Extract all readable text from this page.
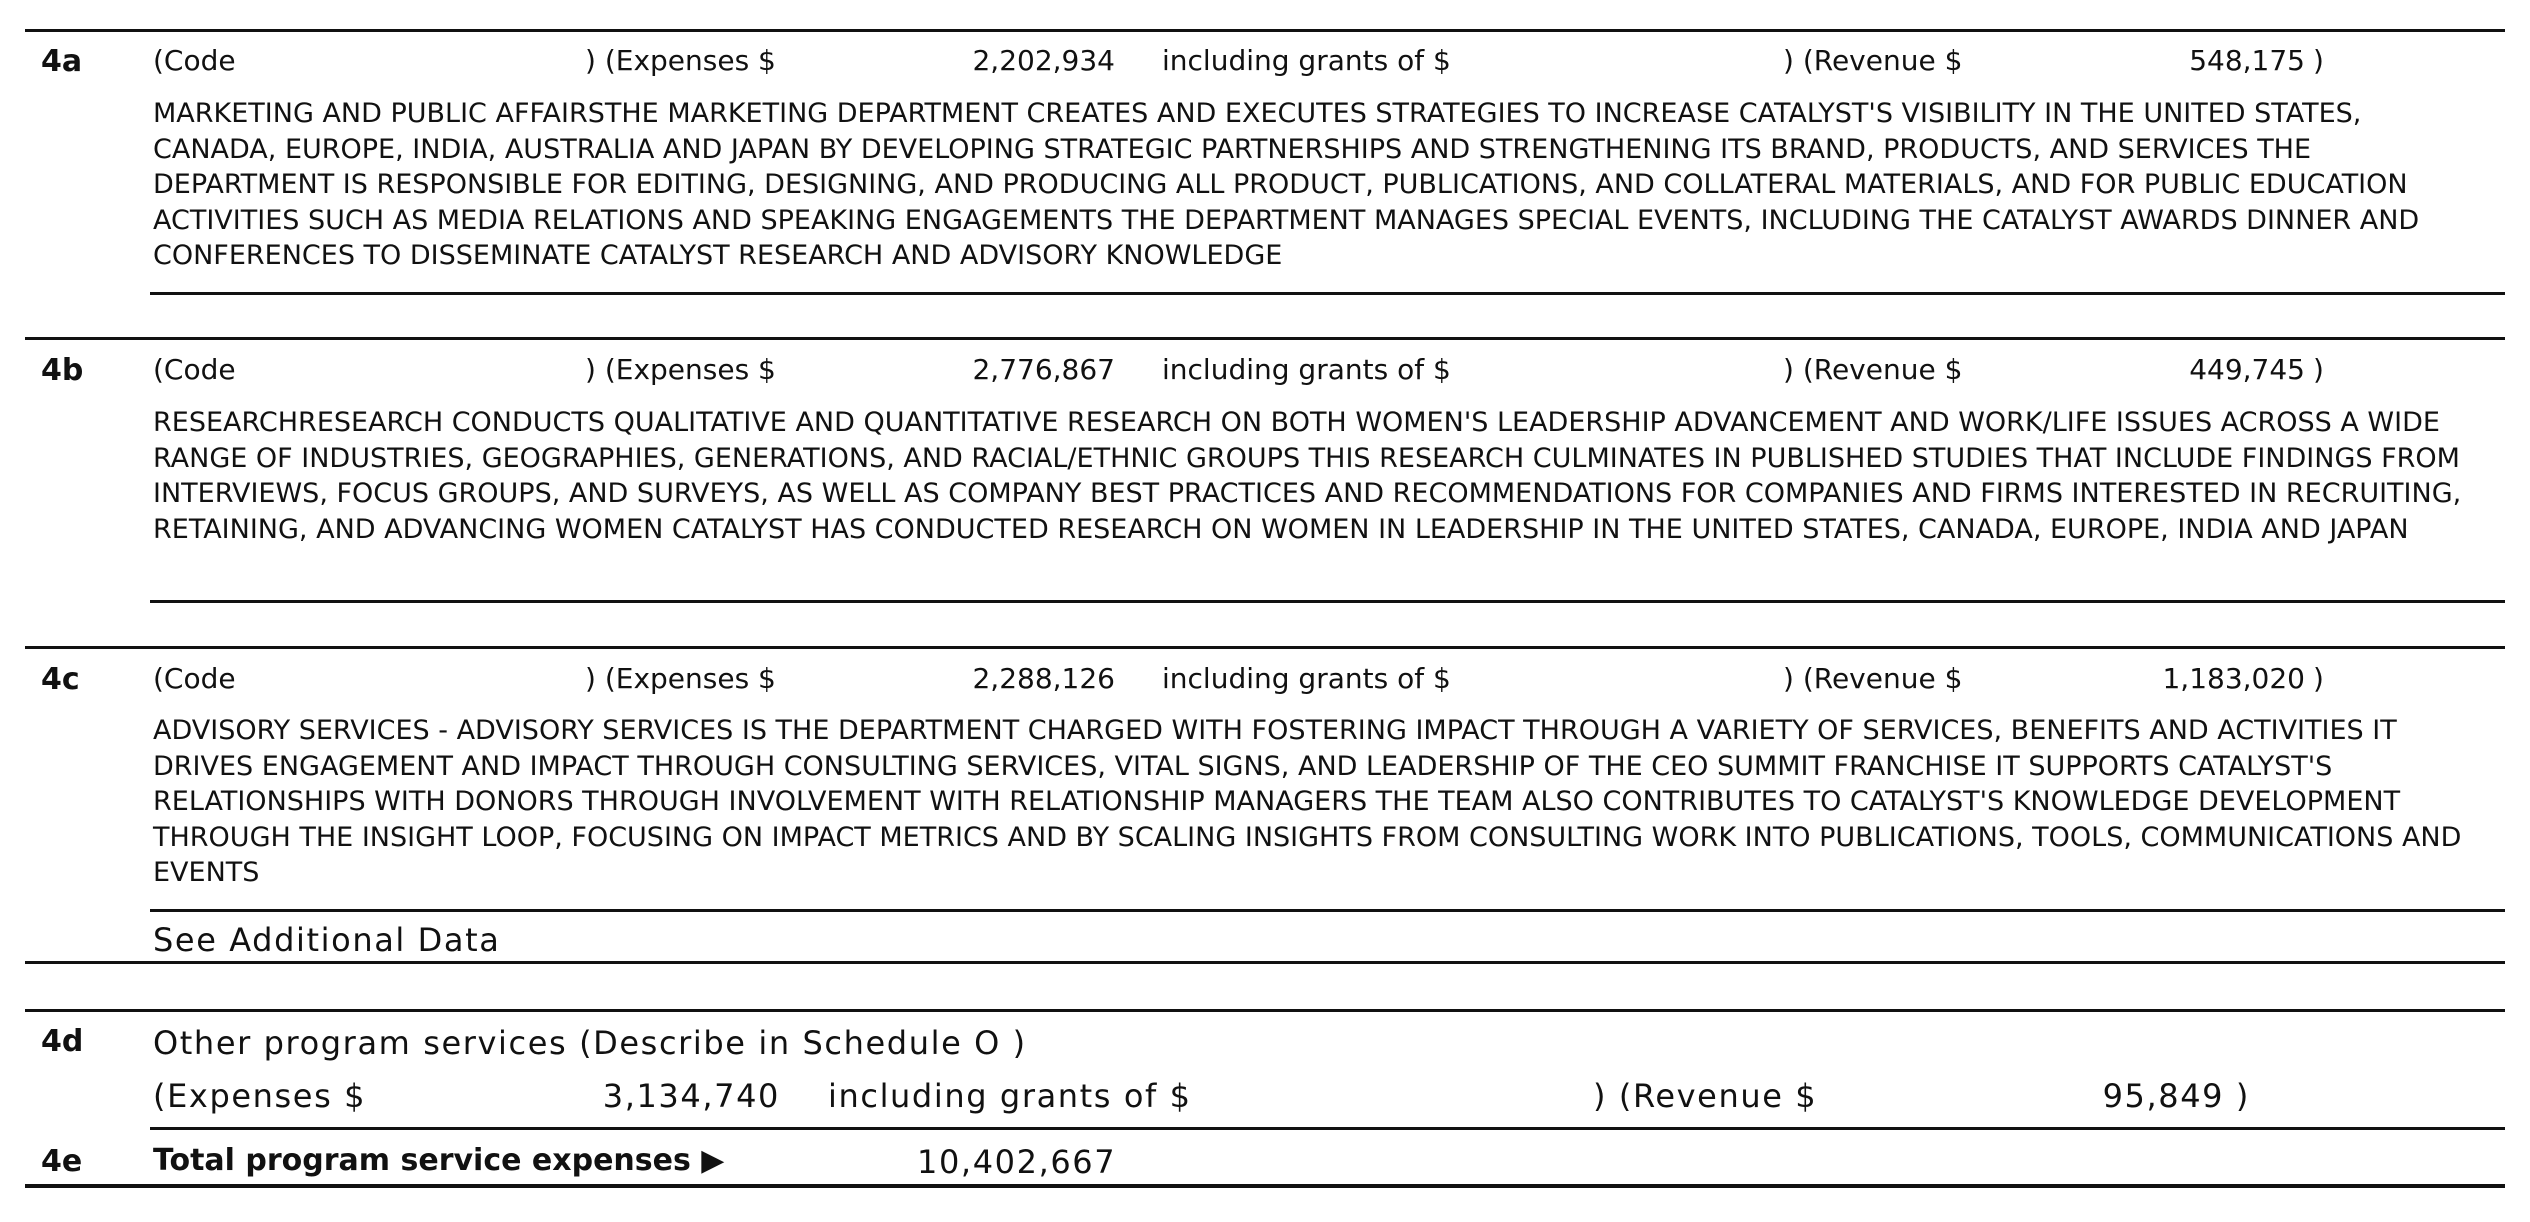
4a	(Code	) (Expenses $	2,202,934 including grants of $	) (Revenue $	548,175 )
MARKETING AND PUBLIC AFFAIRSTHE MARKETING DEPARTMENT CREATES AND EXECUTES STRATEGIES TO INCREASE CATALYST'S VISIBILITY IN THE UNITED STATES, CANADA, EUROPE, INDIA, AUSTRALIA AND JAPAN BY DEVELOPING STRATEGIC PARTNERSHIPS AND STRENGTHENING ITS BRAND, PRODUCTS, AND SERVICES THE DEPARTMENT IS RESPONSIBLE FOR EDITING, DESIGNING, AND PRODUCING ALL PRODUCT, PUBLICATIONS, AND COLLATERAL MATERIALS, AND FOR PUBLIC EDUCATION ACTIVITIES SUCH AS MEDIA RELATIONS AND SPEAKING ENGAGEMENTS THE DEPARTMENT MANAGES SPECIAL EVENTS, INCLUDING THE CATALYST AWARDS DINNER AND CONFERENCES TO DISSEMINATE CATALYST RESEARCH AND ADVISORY KNOWLEDGE
4b (Code	) (Expenses $	2,776,867 including grants of $	) (Revenue $	449,745 )
RESEARCHRESEARCH CONDUCTS QUALITATIVE AND QUANTITATIVE RESEARCH ON BOTH WOMEN'S LEADERSHIP ADVANCEMENT AND WORK/LIFE ISSUES ACROSS A WIDE RANGE OF INDUSTRIES, GEOGRAPHIES, GENERATIONS, AND RACIAL/ETHNIC GROUPS THIS RESEARCH CULMINATES IN PUBLISHED STUDIES THAT INCLUDE FINDINGS FROM INTERVIEWS, FOCUS GROUPS, AND SURVEYS, AS WELL AS COMPANY BEST PRACTICES AND RECOMMENDATIONS FOR COMPANIES AND FIRMS INTERESTED IN RECRUITING, RETAINING, AND ADVANCING WOMEN CATALYST HAS CONDUCTED RESEARCH ON WOMEN IN LEADERSHIP IN THE UNITED STATES, CANADA, EUROPE, INDIA AND JAPAN
4c	(Code	) (Expenses $	2,288,126 including grants of $	) (Revenue $	1,183,020 )
ADVISORY SERVICES - ADVISORY SERVICES IS THE DEPARTMENT CHARGED WITH FOSTERING IMPACT THROUGH A VARIETY OF SERVICES, BENEFITS AND ACTIVITIES IT DRIVES ENGAGEMENT AND IMPACT THROUGH CONSULTING SERVICES, VITAL SIGNS, AND LEADERSHIP OF THE CEO SUMMIT FRANCHISE IT SUPPORTS CATALYST'S RELATIONSHIPS WITH DONORS THROUGH INVOLVEMENT WITH RELATIONSHIP MANAGERS THE TEAM ALSO CONTRIBUTES TO CATALYST'S KNOWLEDGE DEVELOPMENT THROUGH THE INSIGHT LOOP, FOCUSING ON IMPACT METRICS AND BY SCALING INSIGHTS FROM CONSULTING WORK INTO PUBLICATIONS, TOOLS, COMMUNICATIONS AND EVENTS
See Additional Data
4d Other program services (Describe in Schedule O )
(Expenses $	3,134,740 including grants of $	) (Revenue $	95,849 )
4e Total program service expenses ▶	10,402,667
